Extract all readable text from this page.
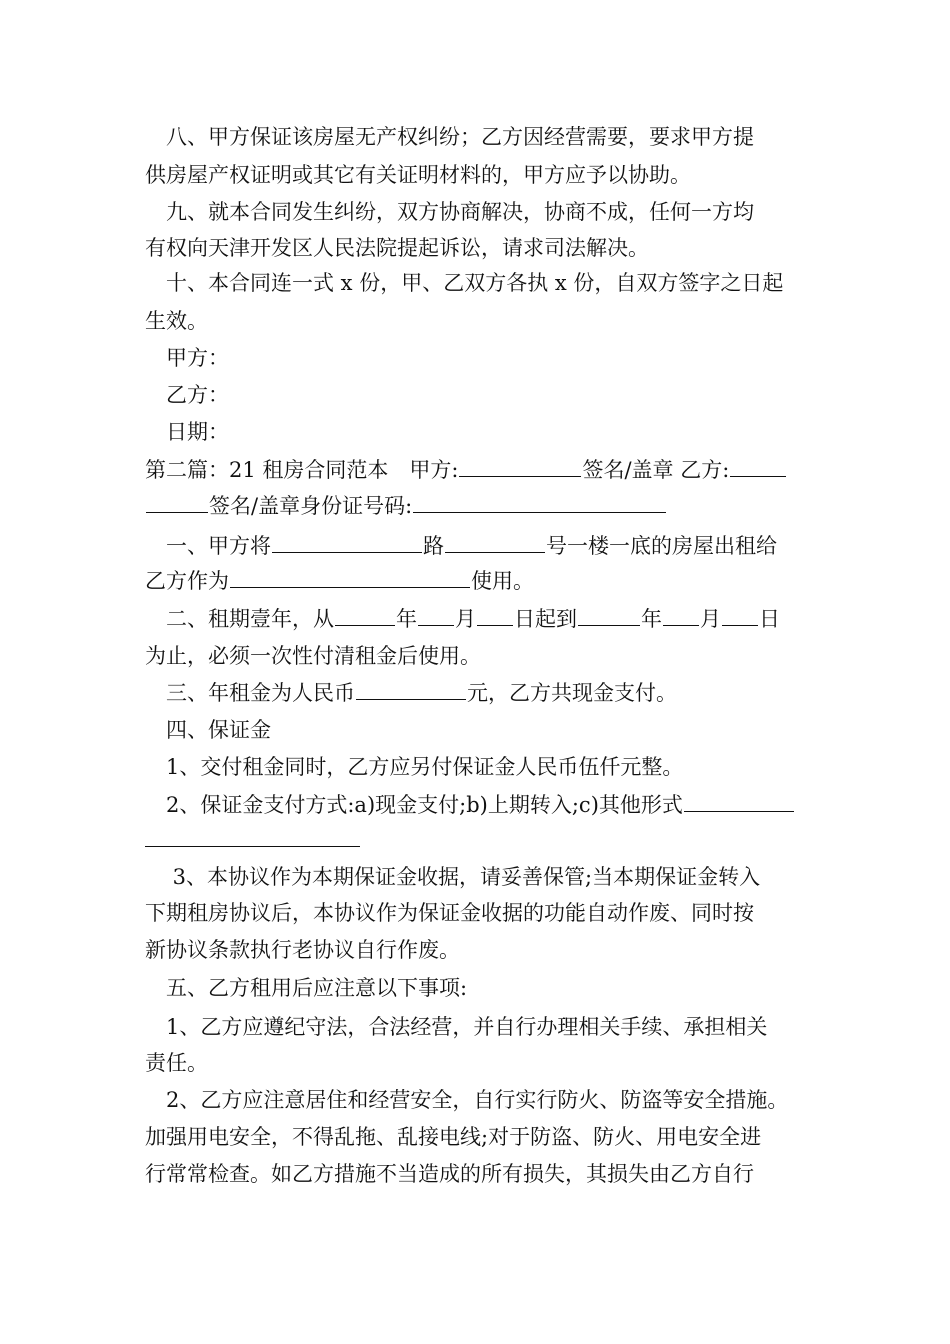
　八、甲方保证该房屋无产权纠纷；乙方因经营需要，要求甲方提
供房屋产权证明或其它有关证明材料的，甲方应予以协助。
　九、就本合同发生纠纷，双方协商解决，协商不成，任何一方均
有权向天津开发区人民法院提起诉讼，请求司法解决。
　十、本合同连一式 x 份，甲、乙双方各执 x 份，自双方签字之日起
生效。
　甲方：
　乙方：
　日期：
第二篇：21 租房合同范本　甲方:	签名/盖章 乙方:
签名/盖章身份证号码:
　一、甲方将	路	号一楼一底的房屋出租给
乙方作为	使用。
　二、租期壹年，从	年 月 日起到	年 月 日
为止，必须一次性付清租金后使用。
　三、年租金为人民币	元，乙方共现金支付。
　四、保证金
　1、交付租金同时，乙方应另付保证金人民币伍仟元整。
　2、保证金支付方式:a)现金支付;b)上期转入;c)其他形式
　 3、本协议作为本期保证金收据，请妥善保管;当本期保证金转入
下期租房协议后，本协议作为保证金收据的功能自动作废、同时按
新协议条款执行老协议自行作废。
　五、乙方租用后应注意以下事项:
　1、乙方应遵纪守法，合法经营，并自行办理相关手续、承担相关
责任。
　2、乙方应注意居住和经营安全，自行实行防火、防盗等安全措施。
加强用电安全，不得乱拖、乱接电线;对于防盗、防火、用电安全进
行常常检查。如乙方措施不当造成的所有损失，其损失由乙方自行
